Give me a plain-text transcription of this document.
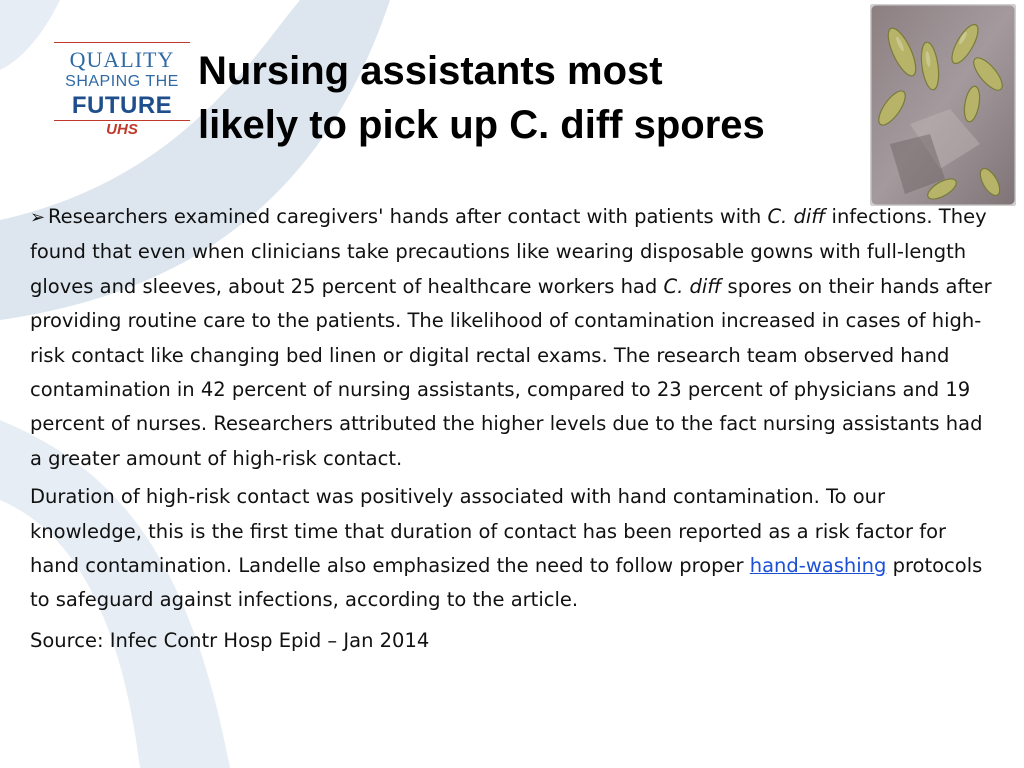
QUALITY
SHAPING THE
FUTURE
UHS
Nursing assistants most
likely to pick up C. diff spores

➢ Researchers examined caregivers' hands after contact with patients with C. diff infections. They found that even when clinicians take precautions like wearing disposable gowns with full-length gloves and sleeves, about 25 percent of healthcare workers had C. diff spores on their hands after providing routine care to the patients. The likelihood of contamination increased in cases of high-risk contact like changing bed linen or digital rectal exams. The research team observed hand contamination in 42 percent of nursing assistants, compared to 23 percent of physicians and 19 percent of nurses. Researchers attributed the higher levels due to the fact nursing assistants had a greater amount of high-risk contact.

Duration of high-risk contact was positively associated with hand contamination. To our knowledge, this is the first time that duration of contact has been reported as a risk factor for hand contamination. Landelle also emphasized the need to follow proper hand-washing protocols to safeguard against infections, according to the article.

Source: Infec Contr Hosp Epid – Jan 2014
